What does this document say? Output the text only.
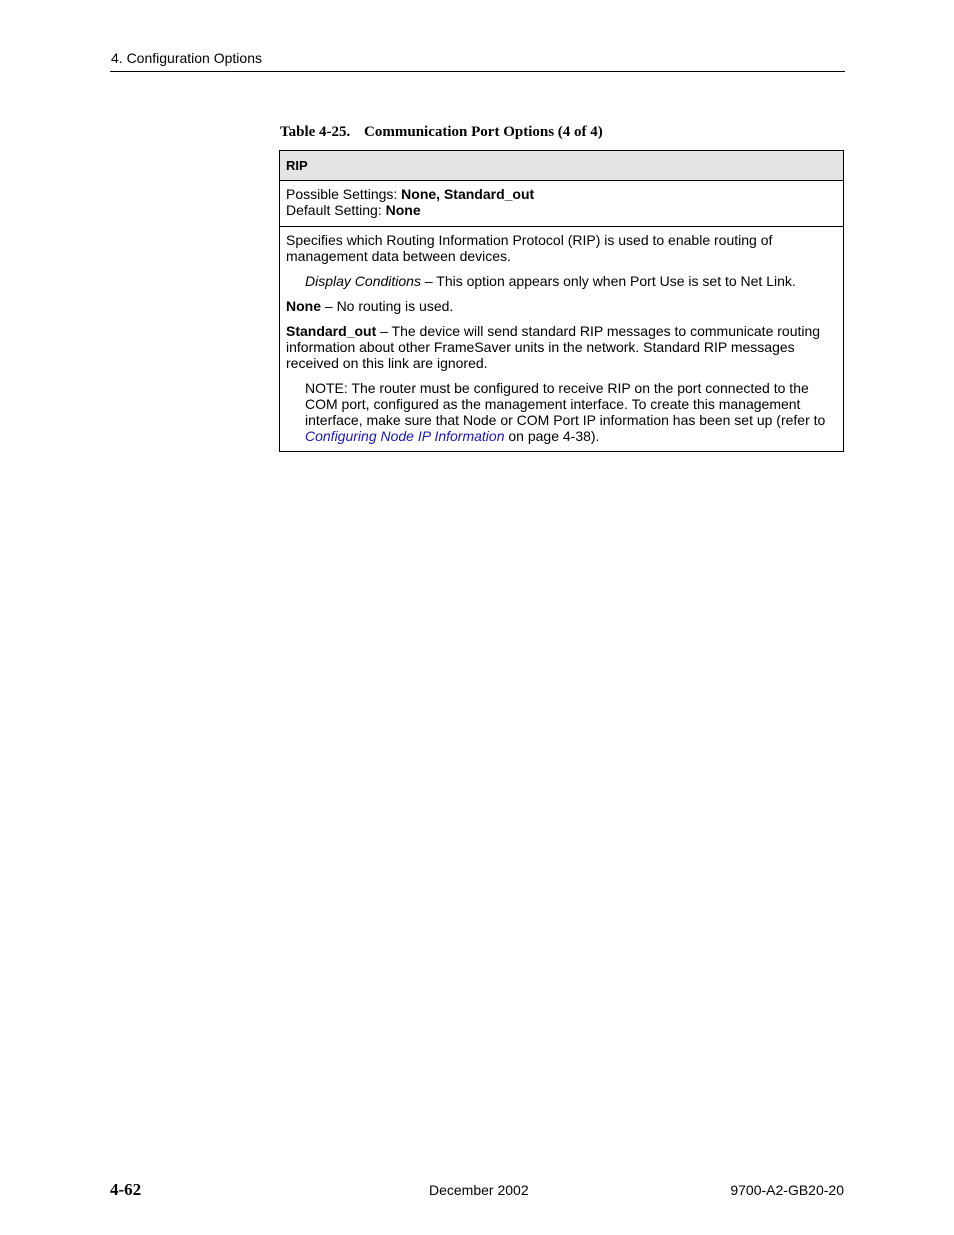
4. Configuration Options
Table 4-25. Communication Port Options (4 of 4)
RIP
Possible Settings: None, Standard_out
Default Setting: None

Specifies which Routing Information Protocol (RIP) is used to enable routing of management data between devices.

Display Conditions – This option appears only when Port Use is set to Net Link.

None – No routing is used.

Standard_out – The device will send standard RIP messages to communicate routing information about other FrameSaver units in the network. Standard RIP messages received on this link are ignored.

NOTE: The router must be configured to receive RIP on the port connected to the COM port, configured as the management interface. To create this management interface, make sure that Node or COM Port IP information has been set up (refer to Configuring Node IP Information on page 4-38).

4-62	December 2002	9700-A2-GB20-20
